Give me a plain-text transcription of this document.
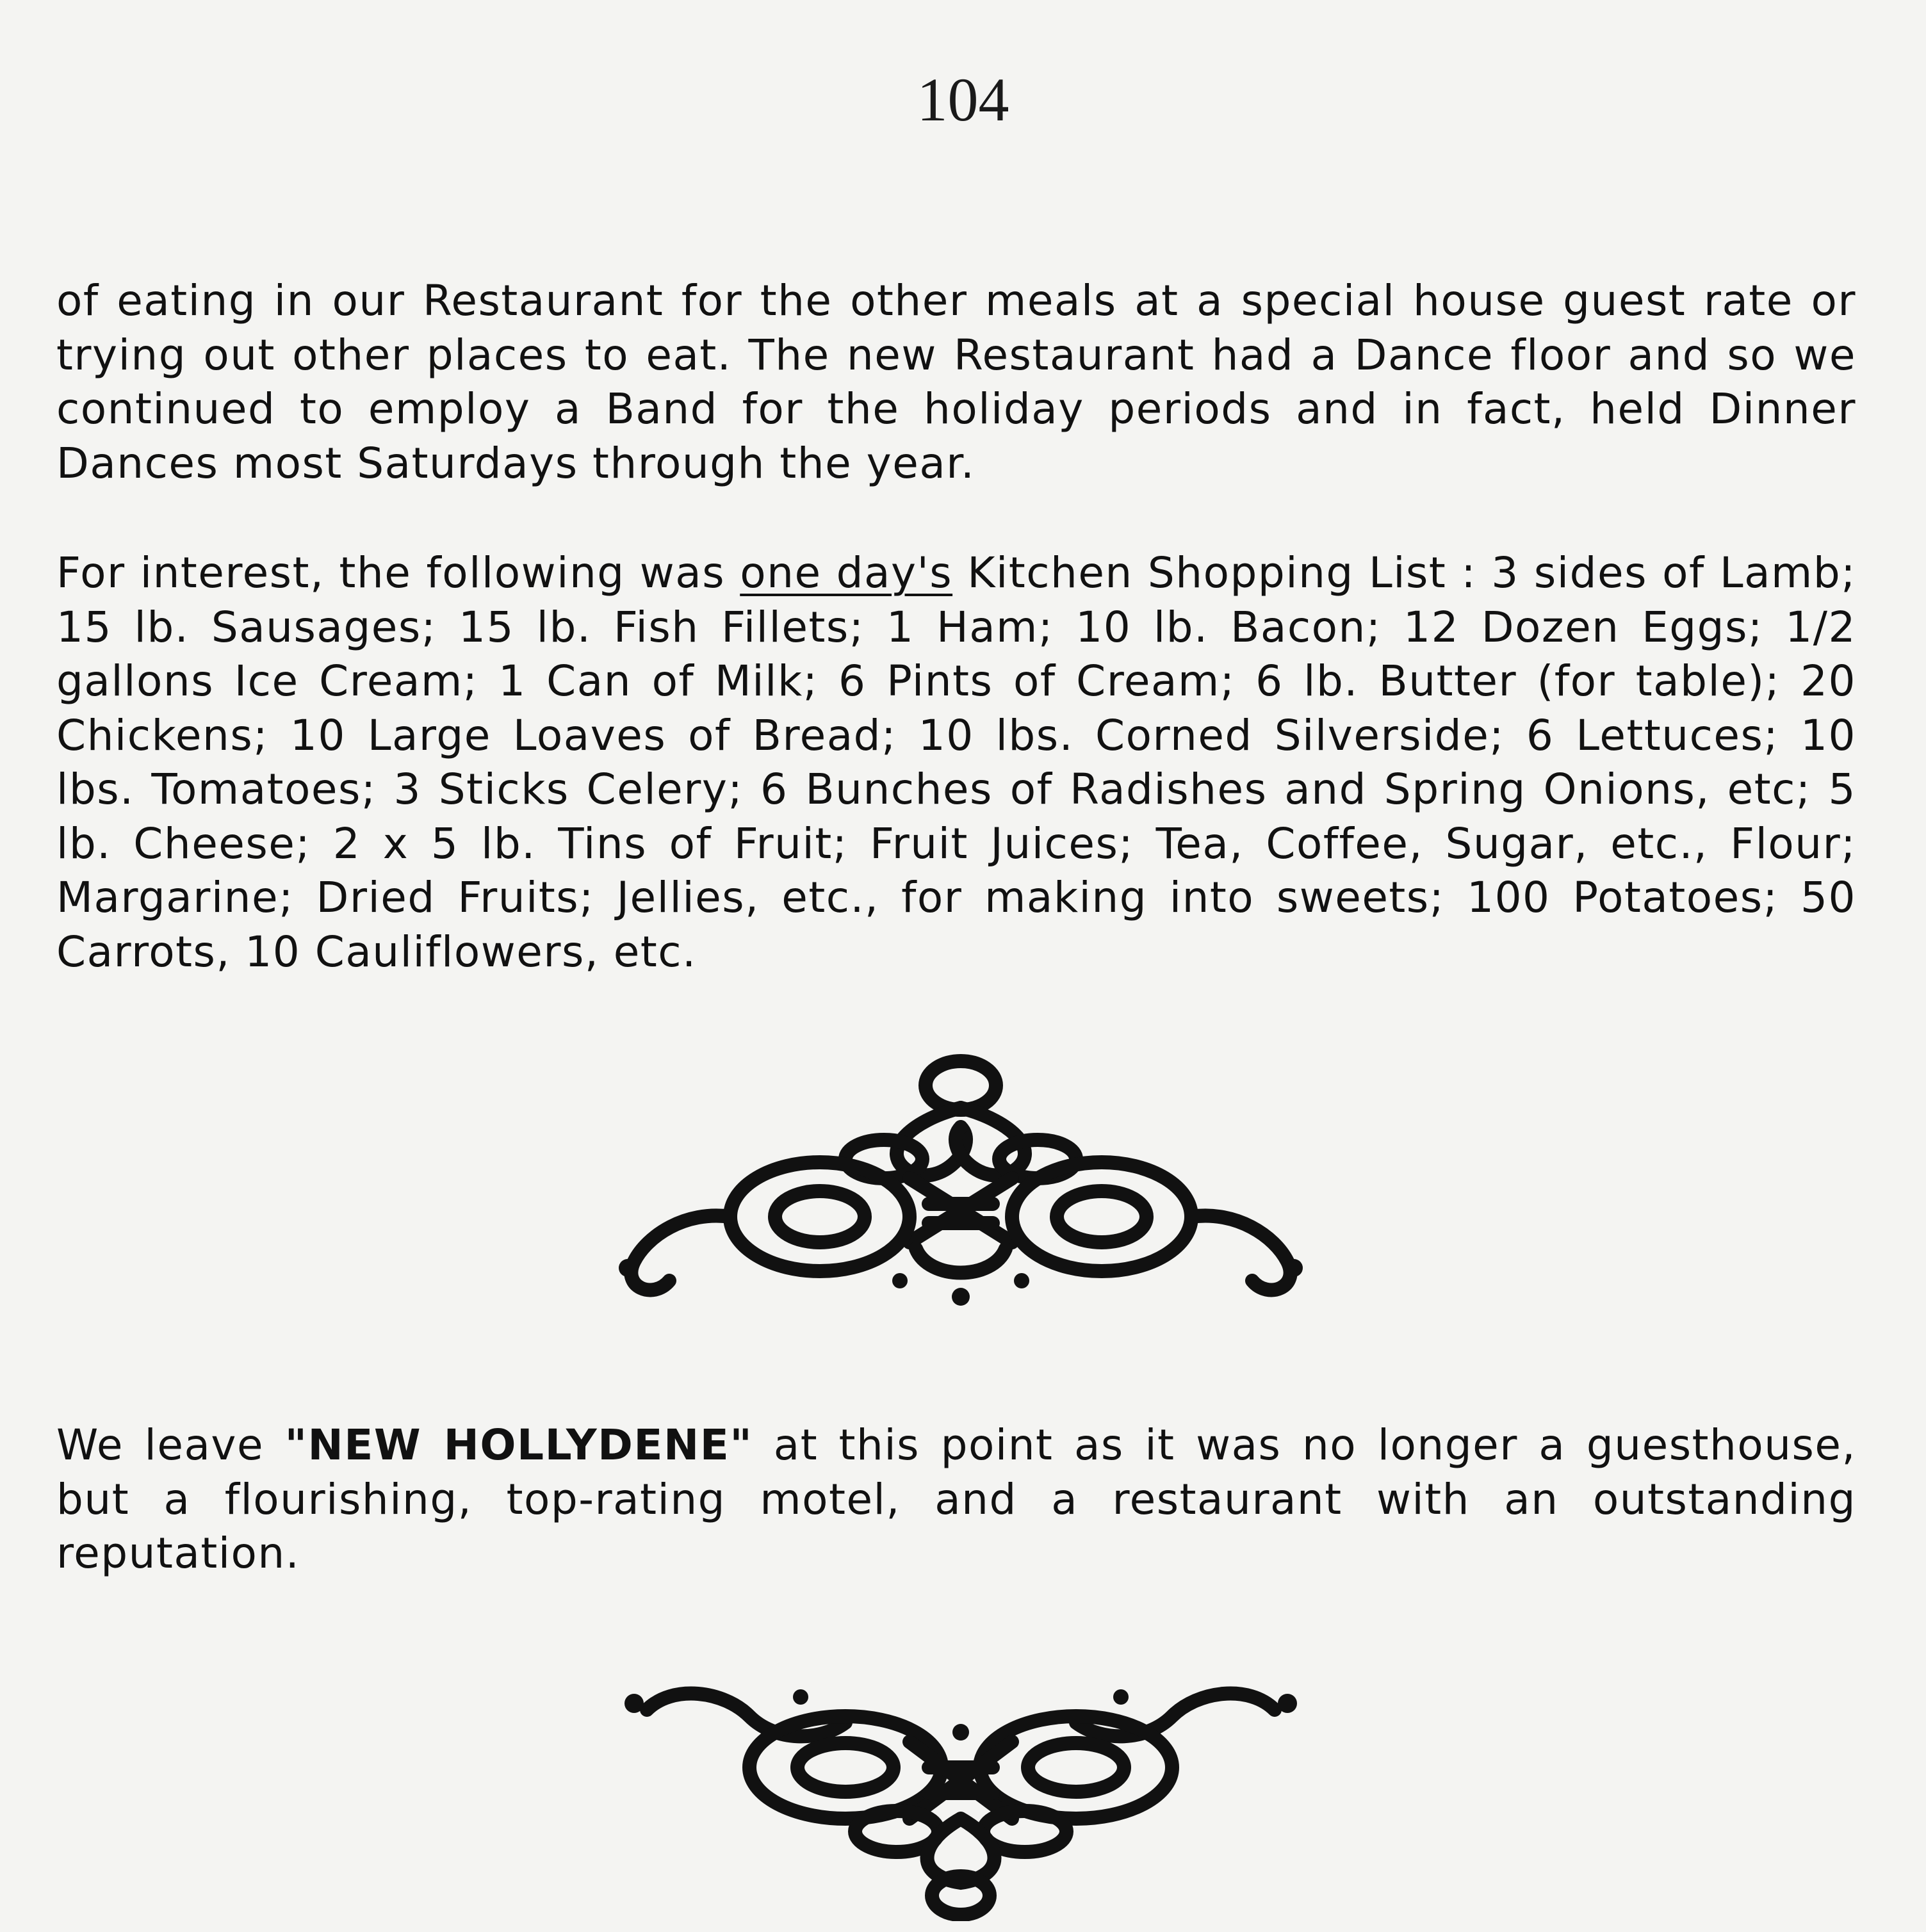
104

of eating in our Restaurant for the other meals at a special house guest rate or trying out other places to eat. The new Restaurant had a Dance floor and so we continued to employ a Band for the holiday periods and in fact, held Dinner Dances most Saturdays through the year.

For interest, the following was one day's Kitchen Shopping List : 3 sides of Lamb; 15 lb. Sausages; 15 lb. Fish Fillets; 1 Ham; 10 lb. Bacon; 12 Dozen Eggs; 1/2 gallons Ice Cream; 1 Can of Milk; 6 Pints of Cream; 6 lb. Butter (for table); 20 Chickens; 10 Large Loaves of Bread; 10 lbs. Corned Silverside; 6 Lettuces; 10 lbs. Tomatoes; 3 Sticks Celery; 6 Bunches of Radishes and Spring Onions, etc; 5 lb. Cheese; 2 x 5 lb. Tins of Fruit; Fruit Juices; Tea, Coffee, Sugar, etc., Flour; Margarine; Dried Fruits; Jellies, etc., for making into sweets; 100 Potatoes; 50 Carrots, 10 Cauliflowers, etc.

We leave "NEW HOLLYDENE" at this point as it was no longer a guesthouse, but a flourishing, top-rating motel, and a restaurant with an outstanding reputation.
